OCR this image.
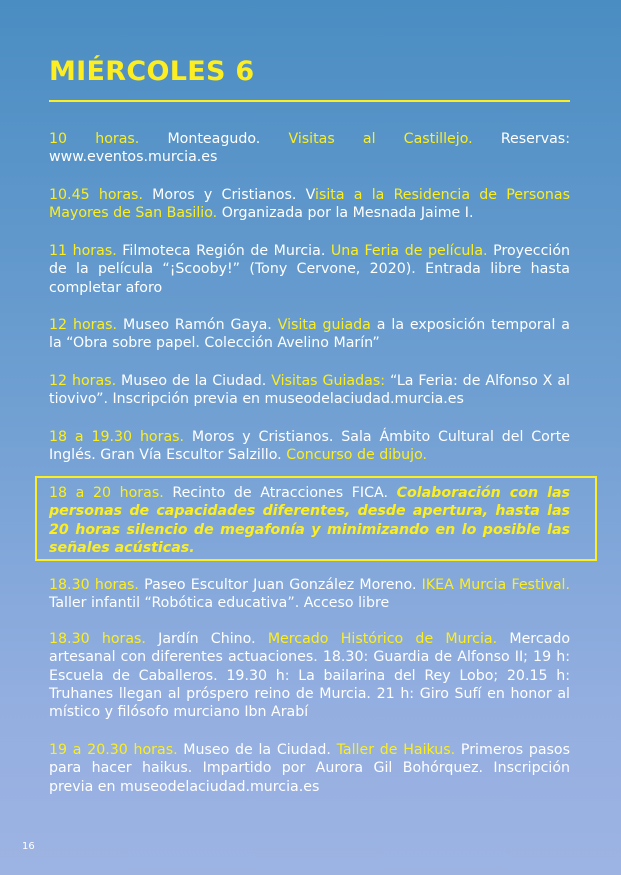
MIÉRCOLES 6

10 horas. Monteagudo. Visitas al Castillejo. Reservas: www.eventos.murcia.es

10.45 horas. Moros y Cristianos. Visita a la Residencia de Personas Mayores de San Basilio. Organizada por la Mesnada Jaime I.

11 horas. Filmoteca Región de Murcia. Una Feria de película. Proyección de la película “¡Scooby!” (Tony Cervone, 2020). Entrada libre hasta completar aforo

12 horas. Museo Ramón Gaya. Visita guiada a la exposición temporal a la “Obra sobre papel. Colección Avelino Marín”

12 horas. Museo de la Ciudad. Visitas Guiadas: “La Feria: de Alfonso X al tiovivo”. Inscripción previa en museodelaciudad.murcia.es

18 a 19.30 horas. Moros y Cristianos. Sala Ámbito Cultural del Corte Inglés. Gran Vía Escultor Salzillo. Concurso de dibujo.

18 a 20 horas. Recinto de Atracciones FICA. Colaboración con las personas de capacidades diferentes, desde apertura, hasta las 20 horas silencio de megafonía y minimizando en lo posible las señales acústicas.

18.30 horas. Paseo Escultor Juan González Moreno. IKEA Murcia Festival. Taller infantil “Robótica educativa”. Acceso libre

18.30 horas. Jardín Chino. Mercado Histórico de Murcia. Mercado artesanal con diferentes actuaciones. 18.30: Guardia de Alfonso II; 19 h: Escuela de Caballeros. 19.30 h: La bailarina del Rey Lobo; 20.15 h: Truhanes llegan al próspero reino de Murcia. 21 h: Giro Sufí en honor al místico y filósofo murciano Ibn Arabí

19 a 20.30 horas. Museo de la Ciudad. Taller de Haikus. Primeros pasos para hacer haikus. Impartido por Aurora Gil Bohórquez. Inscripción previa en museodelaciudad.murcia.es

16
